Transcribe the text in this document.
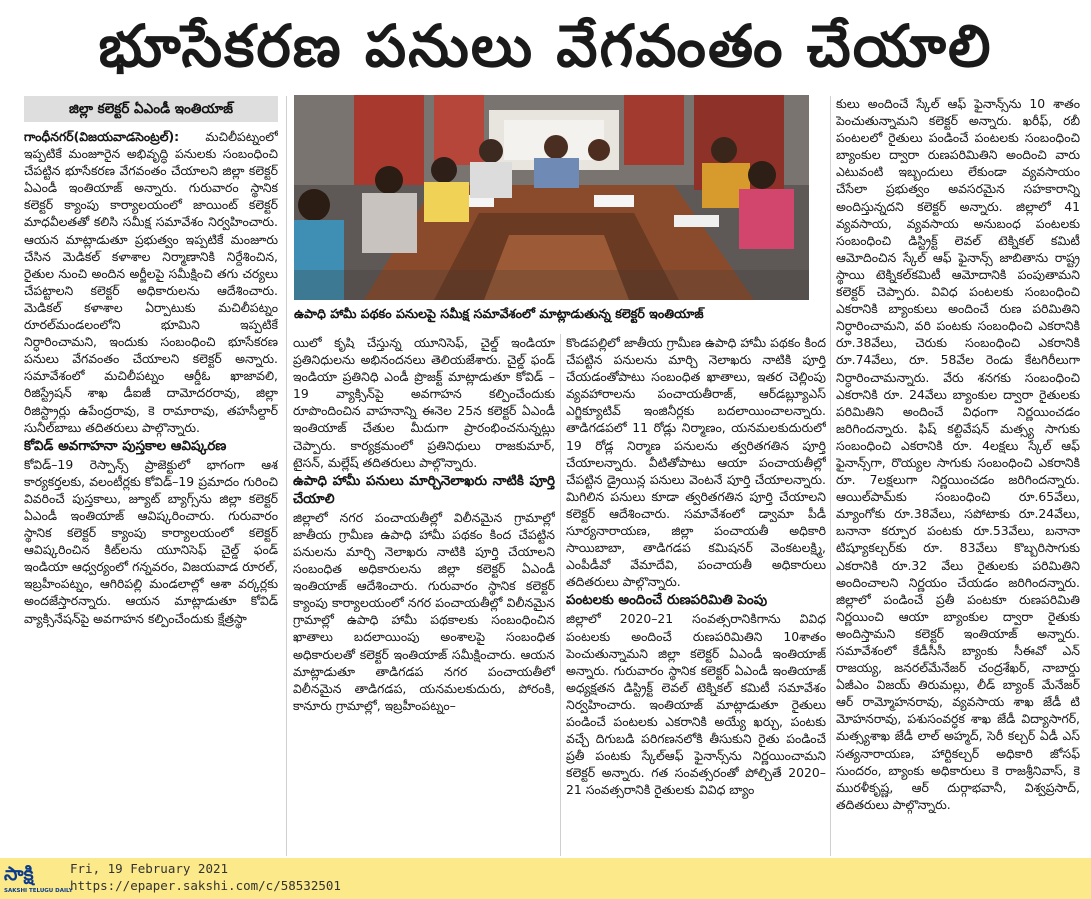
భూసేకరణ పనులు వేగవంతం చేయాలి
జిల్లా కలెక్టర్‌ ఏఎండీ ఇంతియాజ్‌

గాంధీనగర్‌(విజయవాడసెంట్రల్‌): మచిలీపట్నంలో ఇప్పటికే మంజూరైన అభివృద్ధి పనులకు సంబంధించి చేపట్టిన భూసేకరణ వేగవంతం చేయాలని జిల్లా కలెక్టర్‌ ఏఎండీ ఇంతియాజ్‌ అన్నారు. గురువారం స్థానిక కలెక్టర్‌ క్యాంపు కార్యాలయంలో జాయింట్‌ కలెక్టర్‌ మాధవీలతతో కలిసి సమీక్ష సమావేశం నిర్వహించారు. ఆయన మాట్లాడుతూ ప్రభుత్వం ఇప్పటికే మంజూరు చేసిన మెడికల్‌ కళాశాల నిర్మాణానికి నిర్దేశించిన, రైతుల నుంచి అందిన అర్జీలపై సమీక్షించి తగు చర్యలు చేపట్టాలని కలెక్టర్‌ అధికారులను ఆదేశించారు. మెడికల్‌ కళాశాల ఏర్పాటుకు మచిలీపట్నం రూరల్‌మండలంలోని భూమిని ఇప్పటికే నిర్ధారించామని, ఇందుకు సంబంధించి భూసేకరణ పనులు వేగవంతం చేయాలని కలెక్టర్‌ అన్నారు. సమావేశంలో మచిలీపట్నం ఆర్డీఓ ఖాజావలి, రిజిస్ట్రేషన్‌ శాఖ డీఐజీ దామోదరరావు, జిల్లా రిజిస్ట్రార్లు ఉపేంద్రరావు, కె రామారావు, తహసీల్దార్‌ సునీల్‌బాబు తదితరులు పాల్గొన్నారు.

కోవిడ్‌ అవగాహనా పుస్తకాల ఆవిష్కరణ

కోవిడ్‌–19 రెస్పాన్స్‌ ప్రాజెక్టులో భాగంగా ఆశ కార్యకర్తలకు, వలంటీర్లకు కోవిడ్‌–19 ప్రమాదం గురించి వివరించే పుస్తకాలు, జ్యూట్‌ బ్యాగ్స్‌ను జిల్లా కలెక్టర్‌ ఏఎండీ ఇంతియాజ్‌ ఆవిష్కరించారు. గురువారం స్థానిక కలెక్టర్‌ క్యాంపు కార్యాలయంలో కలెక్టర్‌ ఆవిష్కరించిన కిట్‌లను యూనిసెఫ్‌ చైల్డ్‌ ఫండ్‌ ఇండియా ఆధ్వర్యంలో గన్నవరం, విజయవాడ రూరల్‌, ఇబ్రహీంపట్నం, ఆగిరిపల్లి మండలాల్లో ఆశా వర్కర్లకు అందజేస్తారన్నారు. ఆయన మాట్లాడుతూ కోవిడ్‌ వ్యాక్సినేషన్‌పై అవగాహన కల్పించేందుకు క్షేత్రస్థా

ఉపాధి హామీ పథకం పనులపై సమీక్ష సమావేశంలో మాట్లాడుతున్న కలెక్టర్‌ ఇంతియాజ్‌

యిలో కృషి చేస్తున్న యూనిసెఫ్‌, చైల్డ్‌ ఇండియా ప్రతినిధులను అభినందనలు తెలియజేశారు. చైల్డ్‌ ఫండ్‌ ఇండియా ప్రతినిధి ఎండీ ప్రొజక్ట్‌ మాట్లాడుతూ కోవిడ్‌ –19 వ్యాక్సిన్‌పై అవగాహన కల్పించేందుకు రూపొందించిన వాహనాన్ని ఈనెల 25న కలెక్టర్‌ ఏఎండీ ఇంతియాజ్‌ చేతుల మీదుగా ప్రారంభించనున్నట్లు చెప్పారు. కార్యక్రమంలో ప్రతినిధులు రాజకుమార్‌, టైసన్‌, మల్లేష్‌ తదితరులు పాల్గొన్నారు.

ఉపాధి హామీ పనులు మార్చినెలాఖరు నాటికి పూర్తి చేయాలి

జిల్లాలో నగర పంచాయతీల్లో విలీనమైన గ్రామాల్లో జాతీయ గ్రామీణ ఉపాధి హామీ పథకం కింద చేపట్టిన పనులను మార్చి నెలాఖరు నాటికి పూర్తి చేయాలని సంబంధిత అధికారులను జిల్లా కలెక్టర్‌ ఏఎండీ ఇంతియాజ్‌ ఆదేశించారు. గురువారం స్థానిక కలెక్టర్‌ క్యాంపు కార్యాలయంలో నగర పంచాయతీల్లో విలీనమైన గ్రామాల్లో ఉపాధి హామీ పథకాలకు సంబంధించిన ఖాతాలు బదలాయింపు అంశాలపై సంబంధిత అధికారులతో కలెక్టర్‌ ఇంతియాజ్‌ సమీక్షించారు. ఆయన మాట్లాడుతూ తాడిగడప నగర పంచాయతీలో విలీనమైన తాడిగడప, యనమలకుదురు, పోరంకి, కానూరు గ్రామాల్లో, ఇబ్రహీంపట్నం–

కొండపల్లిలో జాతీయ గ్రామీణ ఉపాధి హామీ పథకం కింద చేపట్టిన పనులను మార్చి నెలాఖరు నాటికి పూర్తి చేయడంతోపాటు సంబంధిత ఖాతాలు, ఇతర చెల్లింపు వ్యవహారాలను పంచాయతీరాజ్‌, ఆర్‌డబ్ల్యూఎస్‌ ఎగ్జిక్యూటివ్‌ ఇంజినీర్లకు బదలాయించాలన్నారు. తాడిగడపలో 11 రోడ్లు నిర్మాణం, యనమలకుదురులో 19 రోడ్ల నిర్మాణ పనులను త్వరితగతిన పూర్తి చేయాలన్నారు. వీటితోపాటు ఆయా పంచాయతీల్లో చేపట్టిన డ్రైయిన్ల పనులు వెంటనే పూర్తి చేయాలన్నారు. మిగిలిన పనులు కూడా త్వరితగతిన పూర్తి చేయాలని కలెక్టర్‌ ఆదేశించారు. సమావేశంలో డ్వామా పీడీ సూర్యనారాయణ, జిల్లా పంచాయతీ అధికారి సాయిబాబా, తాడిగడప కమిషనర్‌ వెంకటలక్ష్మి, ఎంపీడీవో వేమాదేవి, పంచాయతీ అధికారులు తదితరులు పాల్గొన్నారు.

పంటలకు అందించే రుణపరిమితి పెంపు

జిల్లాలో 2020–21 సంవత్సరానికిగాను వివిధ పంటలకు అందించే రుణపరిమితిని 10శాతం పెంచుతున్నామని జిల్లా కలెక్టర్‌ ఏఎండీ ఇంతియాజ్‌ అన్నారు. గురువారం స్థానిక కలెక్టర్‌ ఏఎండీ ఇంతియాజ్‌ అధ్యక్షతన డిస్ట్రిక్ట్‌ లెవల్‌ టెక్నికల్‌ కమిటీ సమావేశం నిర్వహించారు. ఇంతియాజ్‌ మాట్లాడుతూ రైతులు పండించే పంటలకు ఎకరానికి అయ్యే ఖర్చు, పంటకు వచ్చే దిగుబడి పరిగణనలోకి తీసుకుని రైతు పండించే ప్రతీ పంటకు స్కేల్‌ఆఫ్‌ ఫైనాన్స్‌ను నిర్ణయించామని కలెక్టర్‌ అన్నారు. గత సంవత్సరంతో పోల్చితే 2020–21 సంవత్సరానికి రైతులకు వివిధ బ్యాం

కులు అందించే స్కేల్‌ ఆఫ్‌ ఫైనాన్స్‌ను 10 శాతం పెంచుతున్నామని కలెక్టర్‌ అన్నారు. ఖరీఫ్‌, రబీ పంటలలో రైతులు పండించే పంటలకు సంబంధించి బ్యాంకుల ద్వారా రుణపరిమితిని అందించి వారు ఎటువంటి ఇబ్బందులు లేకుండా వ్యవసాయం చేసేలా ప్రభుత్వం అవసరమైన సహకారాన్ని అందిస్తున్నదని కలెక్టర్‌ అన్నారు. జిల్లాలో 41 వ్యవసాయ, వ్యవసాయ అనుబంధ పంటలకు సంబంధించి డిస్ట్రిక్ట్‌ లెవల్‌ టెక్నికల్‌ కమిటీ ఆమోదించిన స్కేల్‌ ఆఫ్‌ ఫైనాన్స్‌ జాబితాను రాష్ట్ర స్థాయి టెక్నికల్‌కమిటీ ఆమోదానికి పంపుతామని కలెక్టర్‌ చెప్పారు. వివిధ పంటలకు సంబంధించి ఎకరానికి బ్యాంకులు అందించే రుణ పరిమితిని నిర్ధారించామని, వరి పంటకు సంబంధించి ఎకరానికి రూ.38వేలు, చెరుకు సంబంధించి ఎకరానికి రూ.74వేలు, రూ. 58వేల రెండు కేటగిరీలుగా నిర్ధారించామన్నారు. వేరు శనగకు సంబంధించి ఎకరానికి రూ. 24వేలు బ్యాంకుల ద్వారా రైతులకు పరిమితిని అందించే విధంగా నిర్ణయించడం జరిగిందన్నారు. ఫిష్‌ కల్టివేషన్‌ మత్స్య సాగుకు సంబంధించి ఎకరానికి రూ. 4లక్షలు స్కేల్‌ ఆఫ్‌ ఫైనాన్స్‌గా, రొయ్యల సాగుకు సంబంధించి ఎకరానికి రూ. 7లక్షలుగా నిర్ణయించడం జరిగిందన్నారు. ఆయిల్‌పామ్‌కు సంబంధించి రూ.65వేలు, మ్యాంగోకు రూ.38వేలు, సపోటాకు రూ.24వేలు, బనానా కర్పూర పంటకు రూ.53వేలు, బనానా టిష్యూకల్చర్‌కు రూ. 83వేలు కొబ్బరిసాగుకు ఎకరానికి రూ.32 వేలు రైతులకు పరిమితిని అందించాలని నిర్ణయం చేయడం జరిగిందన్నారు. జిల్లాలో పండించే ప్రతీ పంటకూ రుణపరిమితి నిర్ణయించి ఆయా బ్యాంకుల ద్వారా రైతుకు అందిస్తామని కలెక్టర్‌ ఇంతియాజ్‌ అన్నారు. సమావేశంలో కేడీసీసీ బ్యాంకు సీఈవో ఎన్‌ రాజయ్య, జనరల్‌మేనేజర్‌ చంద్రశేఖర్‌, నాబార్డు ఏజీఎం విజయ్‌ తిరుమల్లు, లీడ్‌ బ్యాంక్‌ మేనేజర్‌ ఆర్‌ రామ్మోహనరావు, వ్యవసాయ శాఖ జేడీ టి మోహనరావు, పశుసంవర్ధక శాఖ జేడీ విద్యాసాగర్‌, మత్స్యశాఖ జేడీ లాల్‌ అహ్మద్‌, సెరీ కల్చర్‌ ఏడీ ఎస్‌ సత్యనారాయణ, హార్టికల్చర్‌ అధికారి జోసఫ్‌ సుందరం, బ్యాంకు అధికారులు కె రాజశ్రీనివాస్‌, కె మురళీకృష్ణ, ఆర్‌ దుర్గాభవానీ, విశ్వప్రసాద్‌, తదితరులు పాల్గొన్నారు.

సాక్షి
SAKSHI TELUGU DAILY
Fri, 19 February 2021
https://epaper.sakshi.com/c/58532501
